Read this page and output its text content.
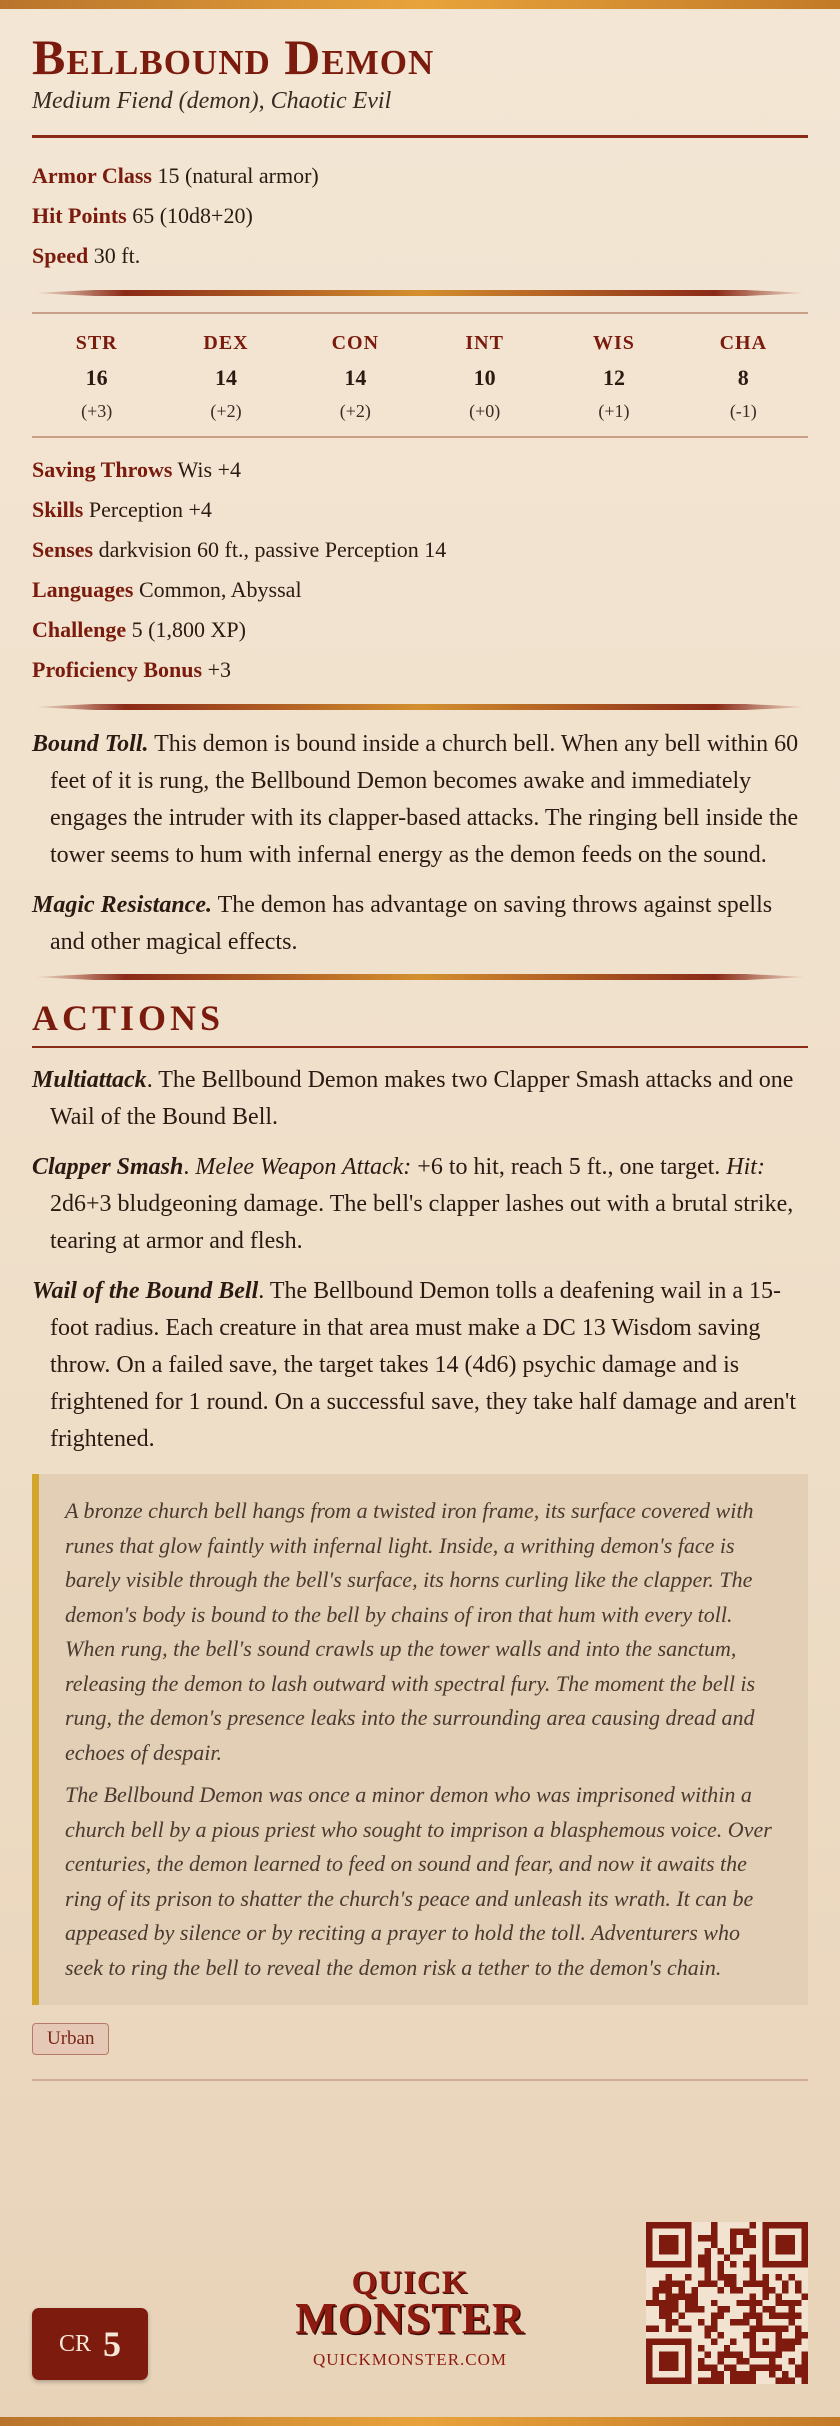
Bellbound Demon
Medium Fiend (demon), Chaotic Evil
Armor Class 15 (natural armor)
Hit Points 65 (10d8+20)
Speed 30 ft.
STR
16
(+3)
DEX
14
(+2)
CON
14
(+2)
INT
10
(+0)
WIS
12
(+1)
CHA
8
(-1)
Saving Throws Wis +4
Skills Perception +4
Senses darkvision 60 ft., passive Perception 14
Languages Common, Abyssal
Challenge 5 (1,800 XP)
Proficiency Bonus +3
Bound Toll. This demon is bound inside a church bell. When any bell within 60 feet of it is rung, the Bellbound Demon becomes awake and immediately engages the intruder with its clapper-based attacks. The ringing bell inside the tower seems to hum with infernal energy as the demon feeds on the sound.
Magic Resistance. The demon has advantage on saving throws against spells and other magical effects.
ACTIONS
Multiattack. The Bellbound Demon makes two Clapper Smash attacks and one Wail of the Bound Bell.
Clapper Smash. Melee Weapon Attack: +6 to hit, reach 5 ft., one target. Hit: 2d6+3 bludgeoning damage. The bell's clapper lashes out with a brutal strike, tearing at armor and flesh.
Wail of the Bound Bell. The Bellbound Demon tolls a deafening wail in a 15-foot radius. Each creature in that area must make a DC 13 Wisdom saving throw. On a failed save, the target takes 14 (4d6) psychic damage and is frightened for 1 round. On a successful save, they take half damage and aren't frightened.

A bronze church bell hangs from a twisted iron frame, its surface covered with runes that glow faintly with infernal light. Inside, a writhing demon's face is barely visible through the bell's surface, its horns curling like the clapper. The demon's body is bound to the bell by chains of iron that hum with every toll. When rung, the bell's sound crawls up the tower walls and into the sanctum, releasing the demon to lash outward with spectral fury. The moment the bell is rung, the demon's presence leaks into the surrounding area causing dread and echoes of despair.

The Bellbound Demon was once a minor demon who was imprisoned within a church bell by a pious priest who sought to imprison a blasphemous voice. Over centuries, the demon learned to feed on sound and fear, and now it awaits the ring of its prison to shatter the church's peace and unleash its wrath. It can be appeased by silence or by reciting a prayer to hold the toll. Adventurers who seek to ring the bell to reveal the demon risk a tether to the demon's chain.

Urban
CR 5
QUICK
MONSTER
QUICKMONSTER.COM
